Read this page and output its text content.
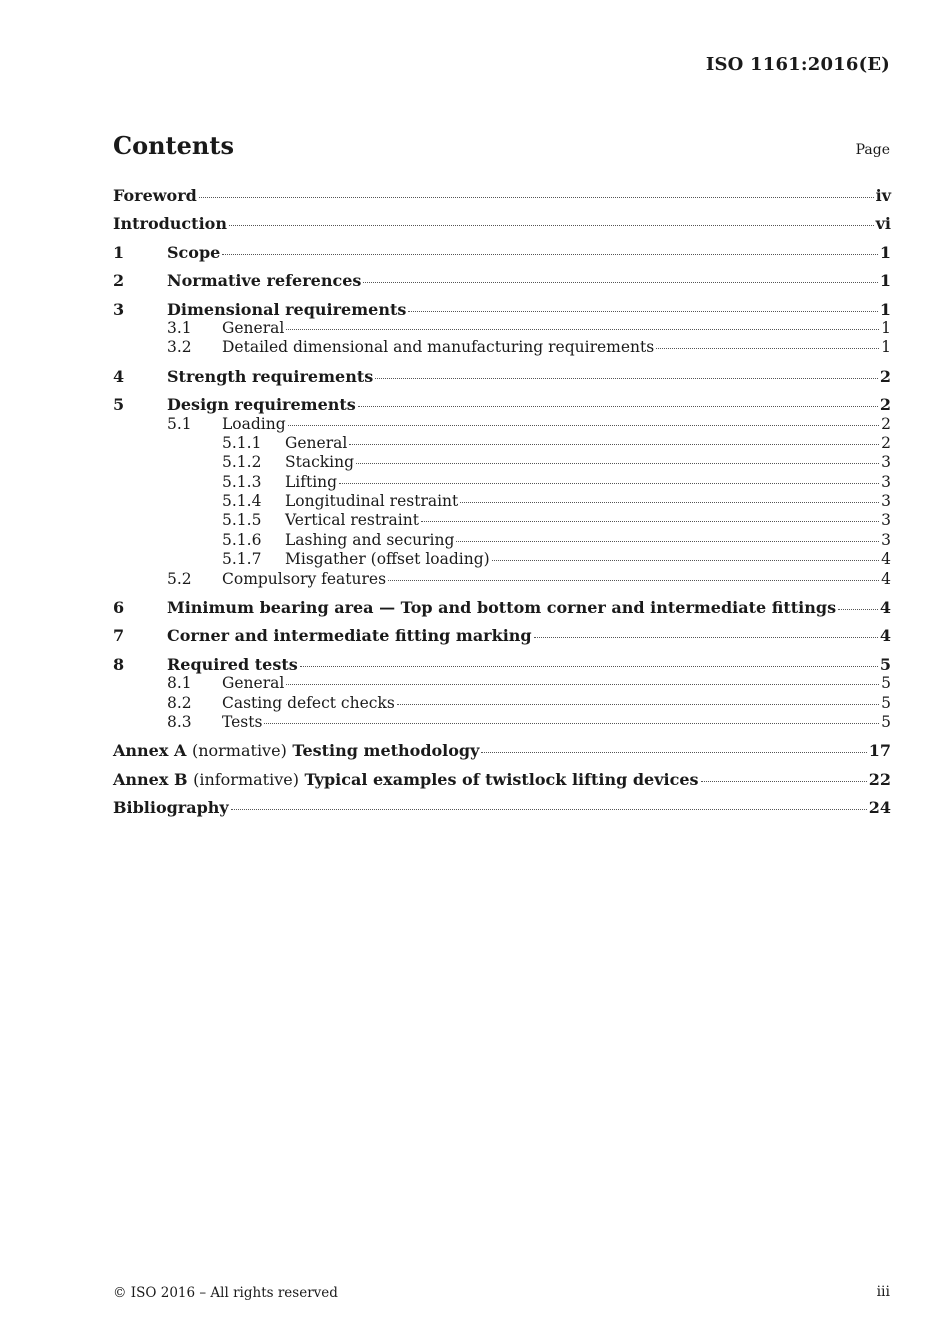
ISO 1161:2016(E)
Contents	Page
Foreword	iv
Introduction	vi
1	Scope	1
2	Normative references	1
3	Dimensional requirements	1
3.1	General	1
3.2	Detailed dimensional and manufacturing requirements	1
4	Strength requirements	2
5	Design requirements	2
5.1	Loading	2
5.1.1	General	2
5.1.2	Stacking	3
5.1.3	Lifting	3
5.1.4	Longitudinal restraint	3
5.1.5	Vertical restraint	3
5.1.6	Lashing and securing	3
5.1.7	Misgather (offset loading)	4
5.2	Compulsory features	4
6	Minimum bearing area — Top and bottom corner and intermediate fittings	4
7	Corner and intermediate fitting marking	4
8	Required tests	5
8.1	General	5
8.2	Casting defect checks	5
8.3	Tests	5
Annex A (normative) Testing methodology	17
Annex B (informative) Typical examples of twistlock lifting devices	22
Bibliography	24
© ISO 2016 – All rights reserved	iii
